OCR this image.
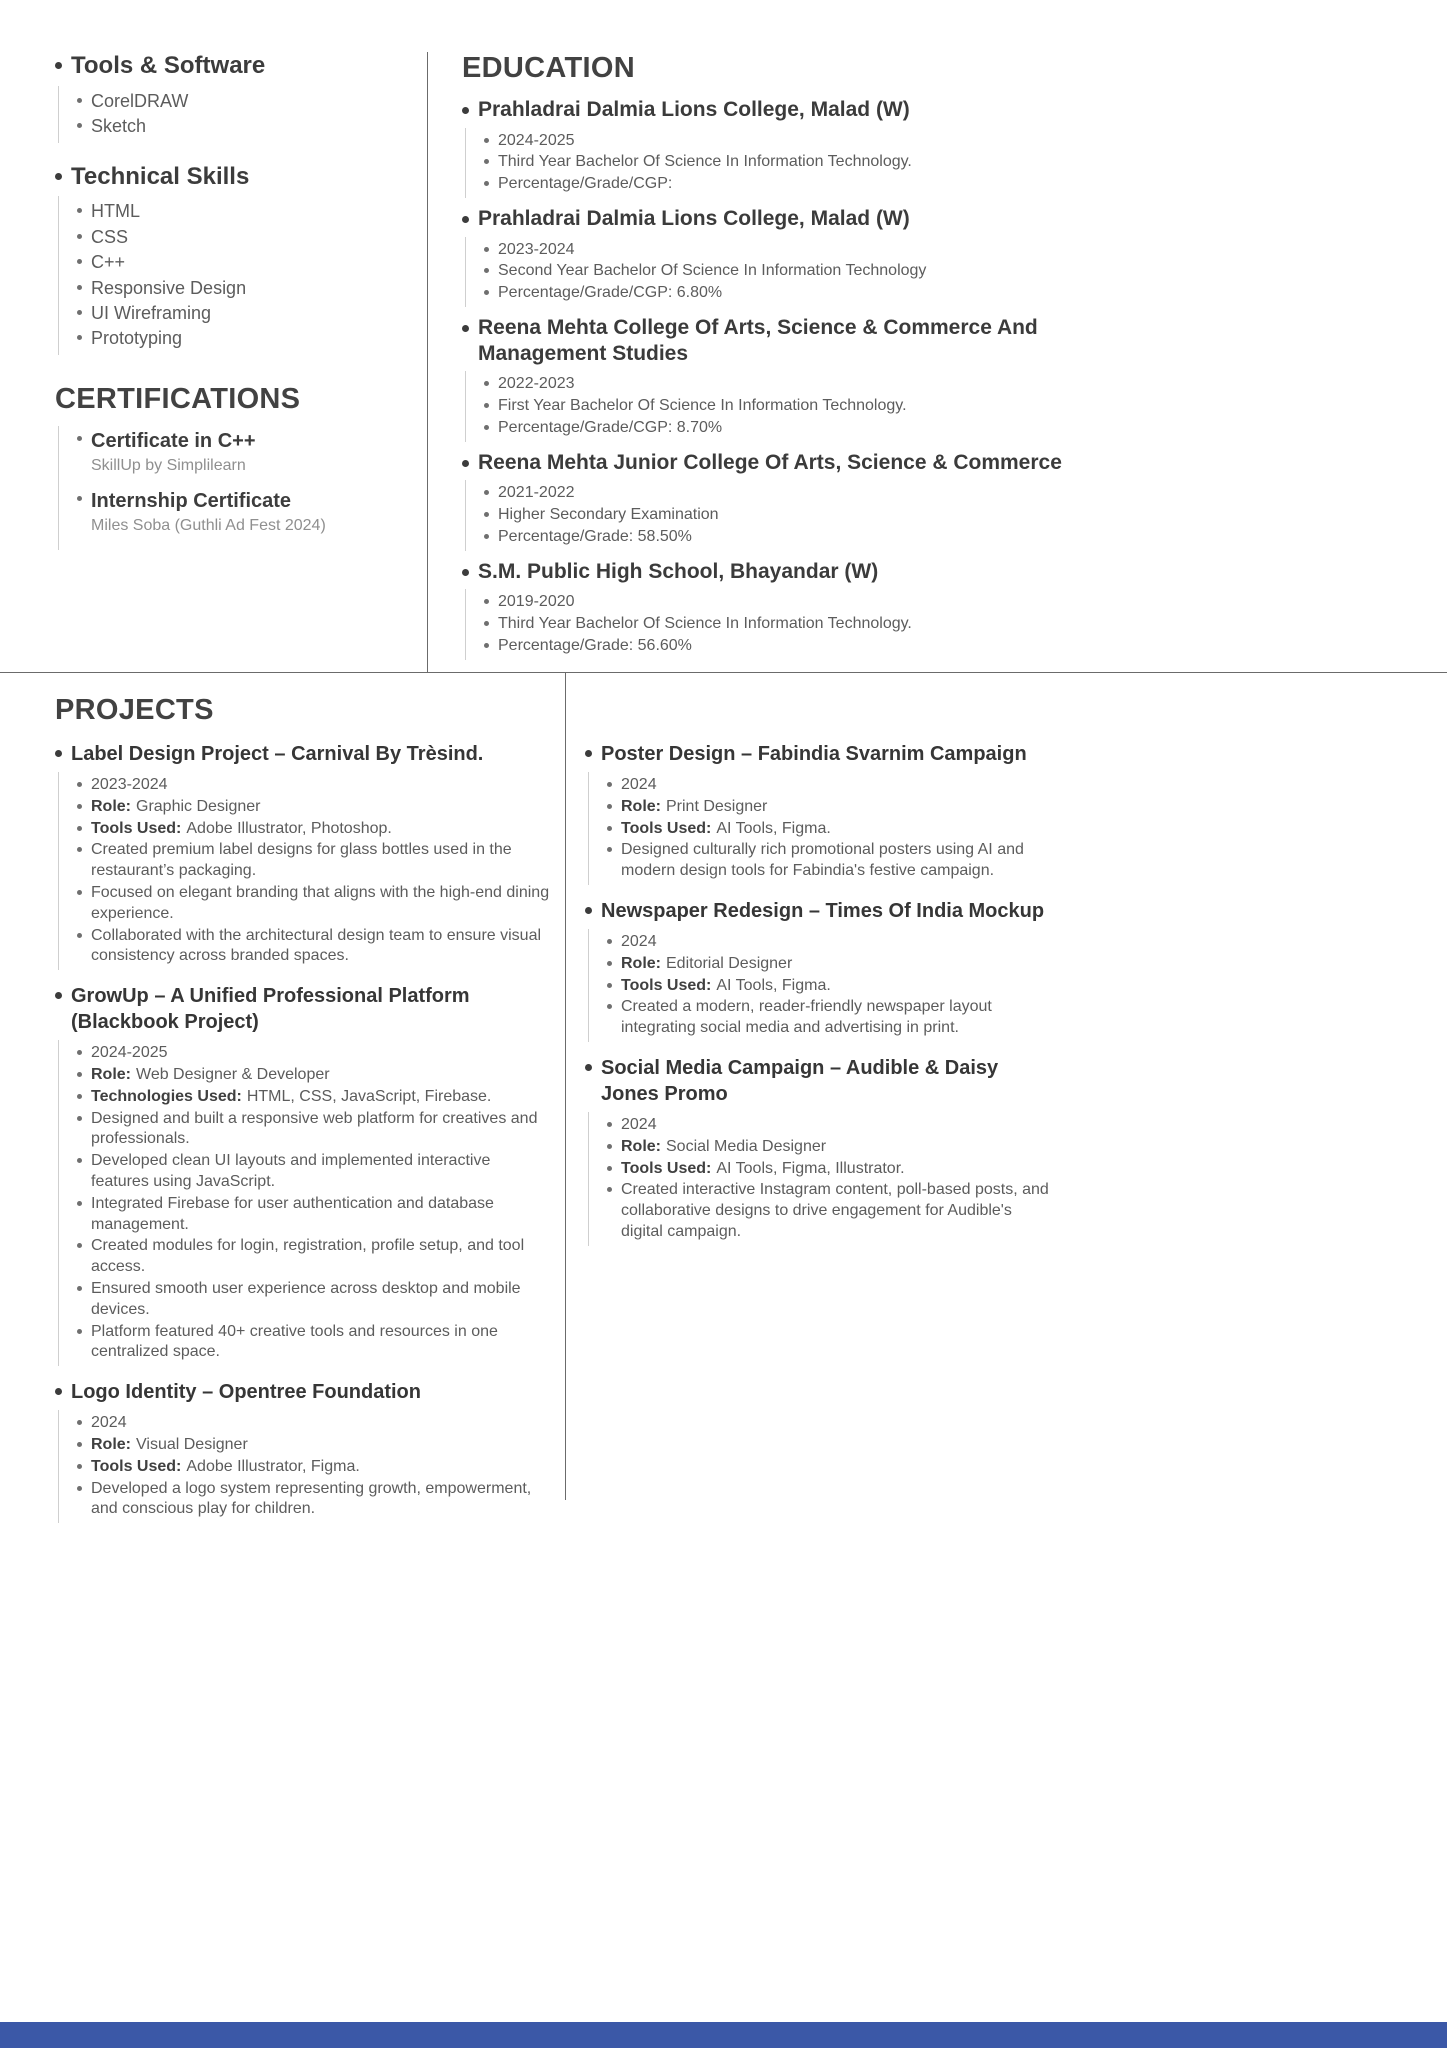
Tools & Software
CorelDRAW
Sketch
Technical Skills
HTML
CSS
C++
Responsive Design
UI Wireframing
Prototyping
CERTIFICATIONS
Certificate in C++
SkillUp by Simplilearn
Internship Certificate
Miles Soba (Guthli Ad Fest 2024)
EDUCATION
Prahladrai Dalmia Lions College, Malad (W)
2024-2025
Third Year Bachelor Of Science In Information Technology.
Percentage/Grade/CGP:
Prahladrai Dalmia Lions College, Malad (W)
2023-2024
Second Year Bachelor Of Science In Information Technology
Percentage/Grade/CGP: 6.80%
Reena Mehta College Of Arts, Science & Commerce And Management Studies
2022-2023
First Year Bachelor Of Science In Information Technology.
Percentage/Grade/CGP: 8.70%
Reena Mehta Junior College Of Arts, Science & Commerce
2021-2022
Higher Secondary Examination
Percentage/Grade: 58.50%
S.M. Public High School, Bhayandar (W)
2019-2020
Third Year Bachelor Of Science In Information Technology.
Percentage/Grade: 56.60%
PROJECTS
Label Design Project – Carnival By Trèsind.
2023-2024
Role: Graphic Designer
Tools Used: Adobe Illustrator, Photoshop.
Created premium label designs for glass bottles used in the restaurant’s packaging.
Focused on elegant branding that aligns with the high-end dining experience.
Collaborated with the architectural design team to ensure visual consistency across branded spaces.
GrowUp – A Unified Professional Platform (Blackbook Project)
2024-2025
Role: Web Designer & Developer
Technologies Used: HTML, CSS, JavaScript, Firebase.
Designed and built a responsive web platform for creatives and professionals.
Developed clean UI layouts and implemented interactive features using JavaScript.
Integrated Firebase for user authentication and database management.
Created modules for login, registration, profile setup, and tool access.
Ensured smooth user experience across desktop and mobile devices.
Platform featured 40+ creative tools and resources in one centralized space.
Logo Identity – Opentree Foundation
2024
Role: Visual Designer
Tools Used: Adobe Illustrator, Figma.
Developed a logo system representing growth, empowerment, and conscious play for children.
Poster Design – Fabindia Svarnim Campaign
2024
Role: Print Designer
Tools Used: AI Tools, Figma.
Designed culturally rich promotional posters using AI and modern design tools for Fabindia's festive campaign.
Newspaper Redesign – Times Of India Mockup
2024
Role: Editorial Designer
Tools Used: AI Tools, Figma.
Created a modern, reader-friendly newspaper layout integrating social media and advertising in print.
Social Media Campaign – Audible & Daisy Jones Promo
2024
Role: Social Media Designer
Tools Used: AI Tools, Figma, Illustrator.
Created interactive Instagram content, poll-based posts, and collaborative designs to drive engagement for Audible's digital campaign.
